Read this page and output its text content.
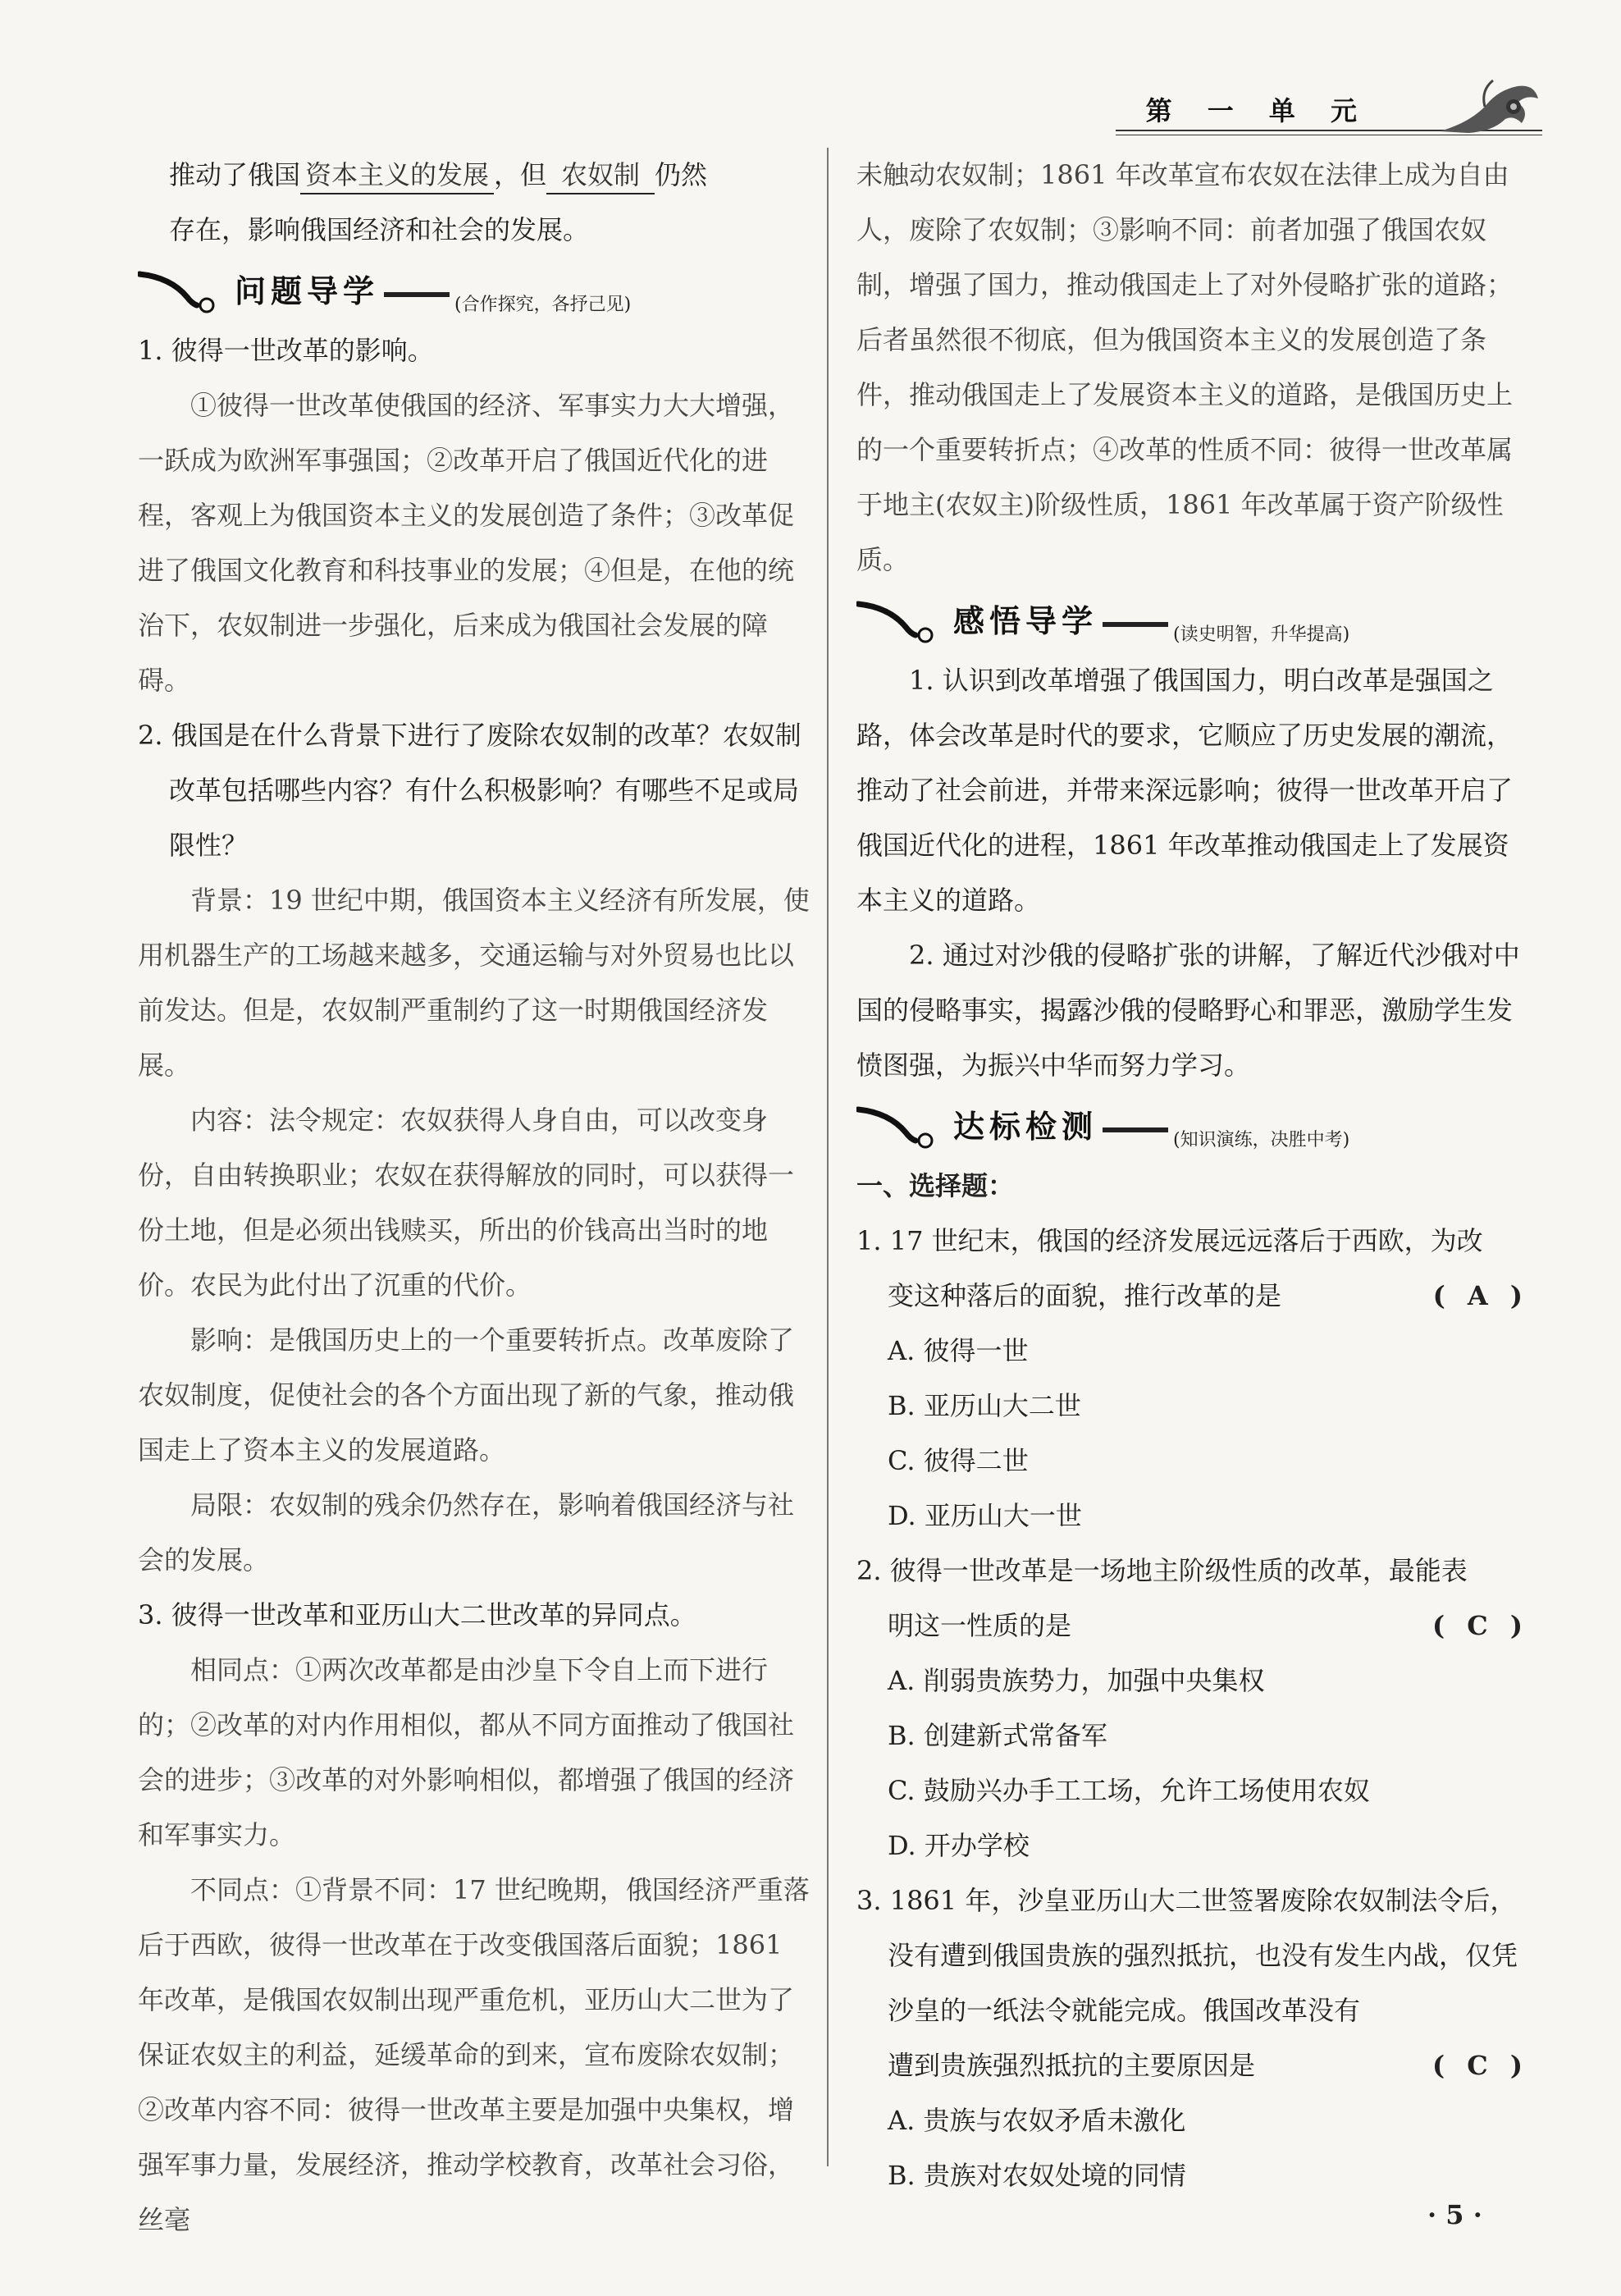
第 一 单 元

推动了俄国 资本主义的发展 ，但 农奴制 仍然

存在，影响俄国经济和社会的发展。

问题导学	(合作探究，各抒己见)

1. 彼得一世改革的影响。

①彼得一世改革使俄国的经济、军事实力大大增强，一跃成为欧洲军事强国；②改革开启了俄国近代化的进程，客观上为俄国资本主义的发展创造了条件；③改革促进了俄国文化教育和科技事业的发展；④但是，在他的统治下，农奴制进一步强化，后来成为俄国社会发展的障碍。

2. 俄国是在什么背景下进行了废除农奴制的改革？农奴制改革包括哪些内容？有什么积极影响？有哪些不足或局限性？

背景：19 世纪中期，俄国资本主义经济有所发展，使用机器生产的工场越来越多，交通运输与对外贸易也比以前发达。但是，农奴制严重制约了这一时期俄国经济发展。

内容：法令规定：农奴获得人身自由，可以改变身份，自由转换职业；农奴在获得解放的同时，可以获得一份土地，但是必须出钱赎买，所出的价钱高出当时的地价。农民为此付出了沉重的代价。

影响：是俄国历史上的一个重要转折点。改革废除了农奴制度，促使社会的各个方面出现了新的气象，推动俄国走上了资本主义的发展道路。

局限：农奴制的残余仍然存在，影响着俄国经济与社会的发展。

3. 彼得一世改革和亚历山大二世改革的异同点。

相同点：①两次改革都是由沙皇下令自上而下进行的；②改革的对内作用相似，都从不同方面推动了俄国社会的进步；③改革的对外影响相似，都增强了俄国的经济和军事实力。

不同点：①背景不同：17 世纪晚期，俄国经济严重落后于西欧，彼得一世改革在于改变俄国落后面貌；1861 年改革，是俄国农奴制出现严重危机，亚历山大二世为了保证农奴主的利益，延缓革命的到来，宣布废除农奴制；②改革内容不同：彼得一世改革主要是加强中央集权，增强军事力量，发展经济，推动学校教育，改革社会习俗，丝毫

未触动农奴制；1861 年改革宣布农奴在法律上成为自由人，废除了农奴制；③影响不同：前者加强了俄国农奴制，增强了国力，推动俄国走上了对外侵略扩张的道路；后者虽然很不彻底，但为俄国资本主义的发展创造了条件，推动俄国走上了发展资本主义的道路，是俄国历史上的一个重要转折点；④改革的性质不同：彼得一世改革属于地主(农奴主)阶级性质，1861 年改革属于资产阶级性质。

感悟导学	(读史明智，升华提高)

1. 认识到改革增强了俄国国力，明白改革是强国之路，体会改革是时代的要求，它顺应了历史发展的潮流，推动了社会前进，并带来深远影响；彼得一世改革开启了俄国近代化的进程，1861 年改革推动俄国走上了发展资本主义的道路。

2. 通过对沙俄的侵略扩张的讲解，了解近代沙俄对中国的侵略事实，揭露沙俄的侵略野心和罪恶，激励学生发愤图强，为振兴中华而努力学习。

达标检测	(知识演练，决胜中考)

一、选择题：

1. 17 世纪末，俄国的经济发展远远落后于西欧，为改

变这种落后的面貌，推行改革的是	( A )

A. 彼得一世

B. 亚历山大二世

C. 彼得二世

D. 亚历山大一世

2. 彼得一世改革是一场地主阶级性质的改革，最能表

明这一性质的是	( C )

A. 削弱贵族势力，加强中央集权

B. 创建新式常备军

C. 鼓励兴办手工工场，允许工场使用农奴

D. 开办学校

3. 1861 年，沙皇亚历山大二世签署废除农奴制法令后，没有遭到俄国贵族的强烈抵抗，也没有发生内战，仅凭沙皇的一纸法令就能完成。俄国改革没有

遭到贵族强烈抵抗的主要原因是	( C )

A. 贵族与农奴矛盾未激化

B. 贵族对农奴处境的同情

· 5 ·
